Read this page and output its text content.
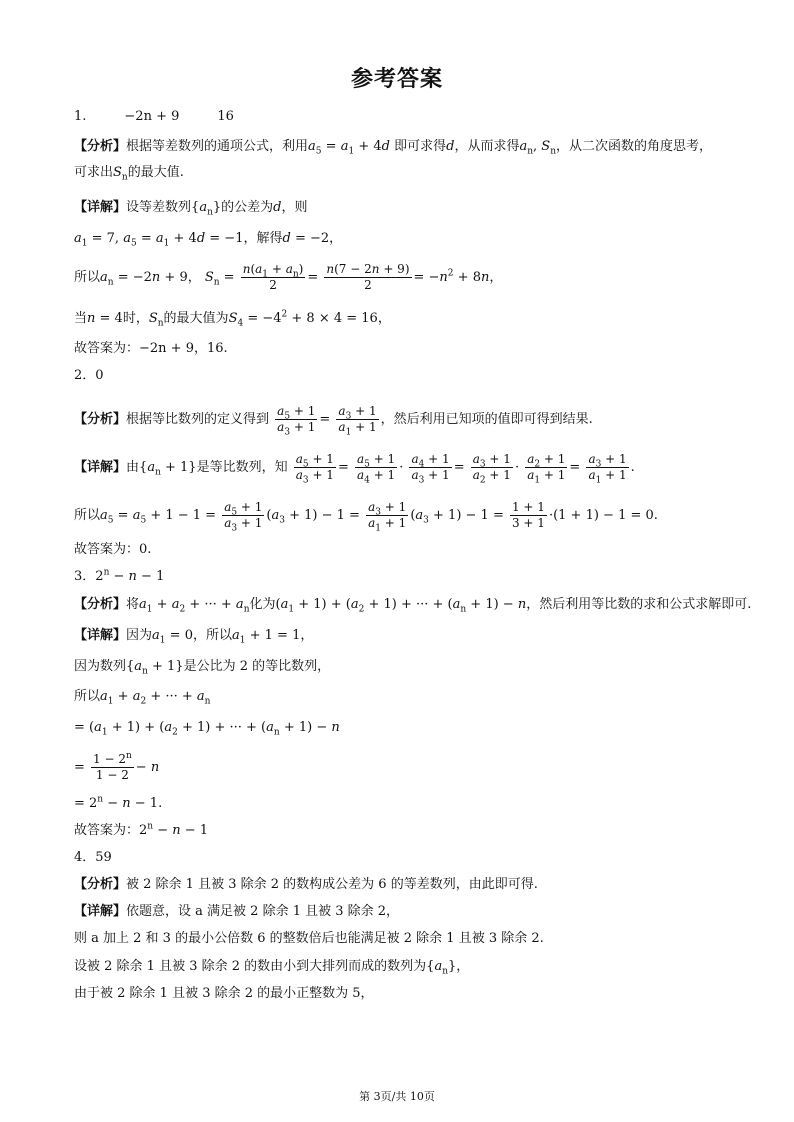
参考答案
1.	−2n + 9	16
【分析】根据等差数列的通项公式，利用$a_5 = a_1 + 4d$ 即可求得d，从而求得$a_n$, $S_n$，从二次函数的角度思考，
可求出$S_n$的最大值.
【详解】设等差数列$\{a_n\}$的公差为d，则
$a_1 = 7$, $a_5 = a_1 + 4d = -1$，解得d = −2，
所以$a_n = -2n + 9$， $S_n = \frac{n(a_1 + a_n)}{2} = \frac{n(7 - 2n + 9)}{2} = -n^2 + 8n$，
当n = 4时，$S_n$的最大值为$S_4 = -4^2 + 8 \times 4 = 16$，
故答案为：−2n + 9，16.
2．0
【分析】根据等比数列的定义得到 $\frac{a_5 + 1}{a_3 + 1} = \frac{a_3 + 1}{a_1 + 1}$ ，然后利用已知项的值即可得到结果.
【详解】由$\{a_n + 1\}$是等比数列，知 $\frac{a_5 + 1}{a_3 + 1} = \frac{a_5 + 1}{a_4 + 1} \cdot \frac{a_4 + 1}{a_3 + 1} = \frac{a_3 + 1}{a_2 + 1} \cdot \frac{a_2 + 1}{a_1 + 1} = \frac{a_3 + 1}{a_1 + 1}$ .
所以$a_5 = a_5 + 1 - 1 = \frac{a_5 + 1}{a_3 + 1} (a_3 + 1) - 1 = \frac{a_3 + 1}{a_1 + 1} (a_3 + 1) - 1 = \frac{1 + 1}{3 + 1} \cdot(1 + 1) - 1 = 0$.
故答案为：0.
3．$2^n - n - 1$
【分析】将$a_1 + a_2$ + ··· + $a_n$化为$(a_1 + 1) + (a_2 + 1)$ + ··· + $(a_n + 1) - n$，然后利用等比数的求和公式求解即可.
【详解】因为$a_1 = 0$，所以$a_1 + 1 = 1$，
因为数列$\{a_n + 1\}$是公比为 2 的等比数列，
所以$a_1 + a_2$ + ··· + $a_n$
= $(a_1 + 1) + (a_2 + 1)$ + ··· + $(a_n + 1) - n$
= $\frac{1 - 2^n}{1 - 2} - n$
= $2^n - n - 1$.
故答案为：$2^n - n - 1$
4．59
【分析】被 2 除余 1 且被 3 除余 2 的数构成公差为 6 的等差数列，由此即可得.
【详解】依题意，设 a 满足被 2 除余 1 且被 3 除余 2，
则 a 加上 2 和 3 的最小公倍数 6 的整数倍后也能满足被 2 除余 1 且被 3 除余 2.
设被 2 除余 1 且被 3 除余 2 的数由小到大排列而成的数列为$\{a_n\}$，
由于被 2 除余 1 且被 3 除余 2 的最小正整数为 5，
第 3页/共 10页
